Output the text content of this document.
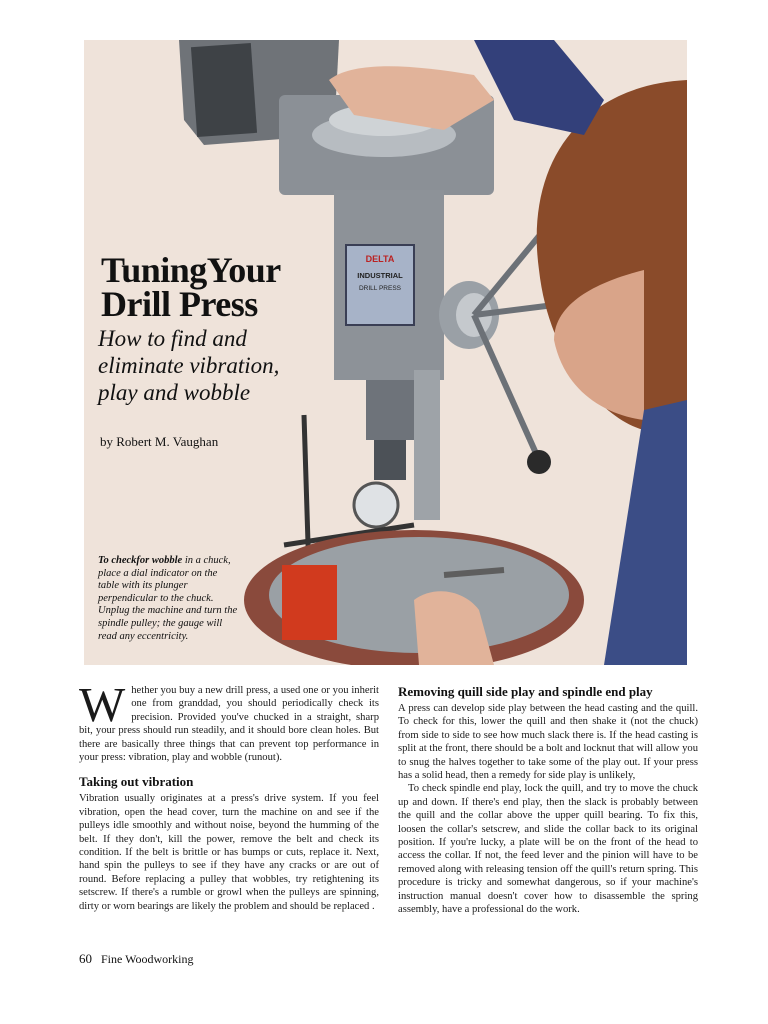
DELTA
INDUSTRIAL
DRILL PRESS
TuningYour
Drill Press
How to find and eliminate vibration, play and wobble
by Robert M. Vaughan
To checkfor wobble in a chuck, place a dial indicator on the table with its plunger perpendicular to the chuck. Unplug the machine and turn the spindle pulley; the gauge will read any eccentricity.

Whether you buy a new drill press, a used one or you inherit one from granddad, you should periodically check its precision. Provided you've chucked in a straight, sharp bit, your press should run steadily, and it should bore clean holes. But there are basically three things that can prevent top performance in your press: vibration, play and wobble (runout).

Taking out vibration

Vibration usually originates at a press's drive system. If you feel vibration, open the head cover, turn the machine on and see if the pulleys idle smoothly and without noise, beyond the humming of the belt. If they don't, kill the power, remove the belt and check its condition. If the belt is brittle or has bumps or cuts, replace it. Next, hand spin the pulleys to see if they have any cracks or are out of round. Before replacing a pulley that wobbles, try retightening its setscrew. If there's a rumble or growl when the pulleys are spinning, dirty or worn bearings are likely the problem and should be replaced .

Removing quill side play and spindle end play

A press can develop side play between the head casting and the quill. To check for this, lower the quill and then shake it (not the chuck) from side to side to see how much slack there is. If the head casting is split at the front, there should be a bolt and locknut that will allow you to snug the halves together to take some of the play out. If your press has a solid head, then a remedy for side play is unlikely,

To check spindle end play, lock the quill, and try to move the chuck up and down. If there's end play, then the slack is probably between the quill and the collar above the upper quill bearing. To fix this, loosen the collar's setscrew, and slide the collar back to its original position. If you're lucky, a plate will be on the front of the head to access the collar. If not, the feed lever and the pinion will have to be removed along with releasing tension off the quill's return spring. This procedure is tricky and somewhat dangerous, so if your machine's instruction manual doesn't cover how to disassemble the spring assembly, have a professional do the work.

60 Fine Woodworking
